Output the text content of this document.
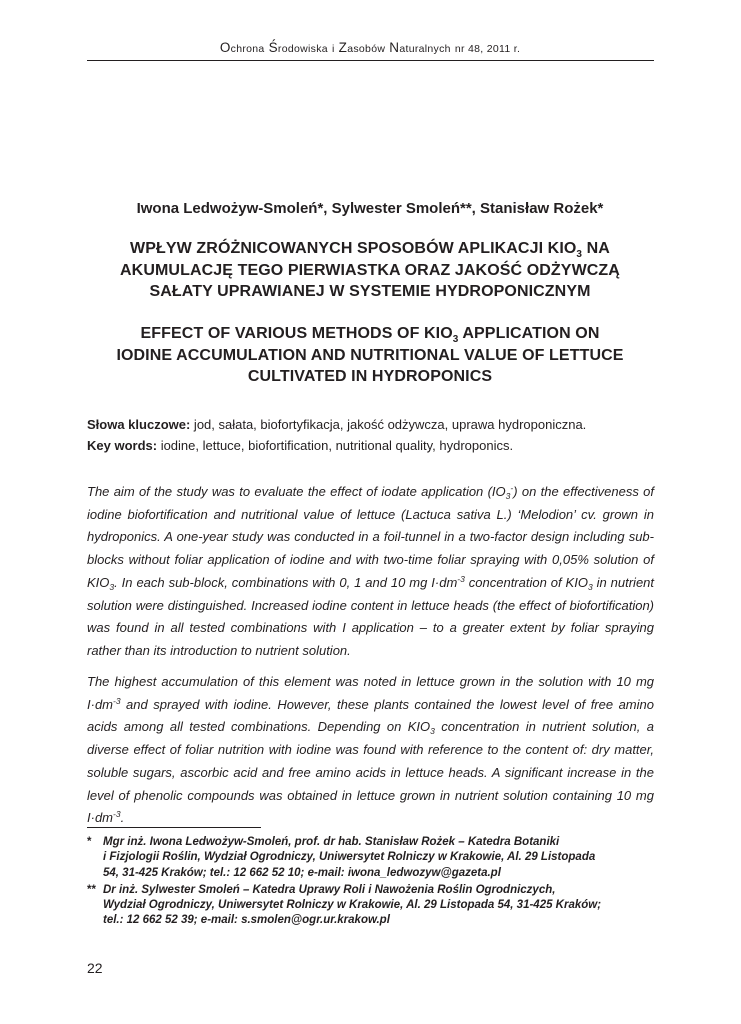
Ochrona Środowiska i Zasobów Naturalnych nr 48, 2011 r.
Iwona Ledwożyw-Smoleń*, Sylwester Smoleń**, Stanisław Rożek*
WPŁYW ZRÓŻNICOWANYCH SPOSOBÓW APLIKACJI $KIO_3$ NA
AKUMULACJĘ TEGO PIERWIASTKA ORAZ JAKOŚĆ ODŻYWCZĄ
SAŁATY UPRAWIANEJ W SYSTEMIE HYDROPONICZNYM
EFFECT OF VARIOUS METHODS OF $KIO_3$ APPLICATION ON
IODINE ACCUMULATION AND NUTRITIONAL VALUE OF LETTUCE
CULTIVATED IN HYDROPONICS
Słowa kluczowe: jod, sałata, biofortyfikacja, jakość odżywcza, uprawa hydroponiczna.
Key words: iodine, lettuce, biofortification, nutritional quality, hydroponics.

The aim of the study was to evaluate the effect of iodate application $(IO_3^-)$ on the effectiveness of iodine biofortification and nutritional value of lettuce (Lactuca sativa L.) ‘Melodion’ cv. grown in hydroponics. A one-year study was conducted in a foil-tunnel in a two-factor design including sub-blocks without foliar application of iodine and with two-time foliar spraying with 0,05% solution of $KIO_3$. In each sub-block, combinations with 0, 1 and 10 mg $I\cdot dm^{-3}$ concentration of $KIO_3$ in nutrient solution were distinguished. Increased iodine content in lettuce heads (the effect of biofortification) was found in all tested combinations with I application – to a greater extent by foliar spraying rather than its introduction to nutrient solution.

The highest accumulation of this element was noted in lettuce grown in the solution with 10 mg $I\cdot dm^{-3}$ and sprayed with iodine. However, these plants contained the lowest level of free amino acids among all tested combinations. Depending on $KIO_3$ concentration in nutrient solution, a diverse effect of foliar nutrition with iodine was found with reference to the content of: dry matter, soluble sugars, ascorbic acid and free amino acids in lettuce heads. A significant increase in the level of phenolic compounds was obtained in lettuce grown in nutrient solution containing 10 mg $I\cdot dm^{-3}$.

* Mgr inż. Iwona Ledwożyw-Smoleń, prof. dr hab. Stanisław Rożek – Katedra Botaniki
i Fizjologii Roślin, Wydział Ogrodniczy, Uniwersytet Rolniczy w Krakowie, Al. 29 Listopada
54, 31-425 Kraków; tel.: 12 662 52 10; e-mail: iwona_ledwozyw@gazeta.pl
** Dr inż. Sylwester Smoleń – Katedra Uprawy Roli i Nawożenia Roślin Ogrodniczych,
Wydział Ogrodniczy, Uniwersytet Rolniczy w Krakowie, Al. 29 Listopada 54, 31-425 Kraków;
tel.: 12 662 52 39; e-mail: s.smolen@ogr.ur.krakow.pl
22
